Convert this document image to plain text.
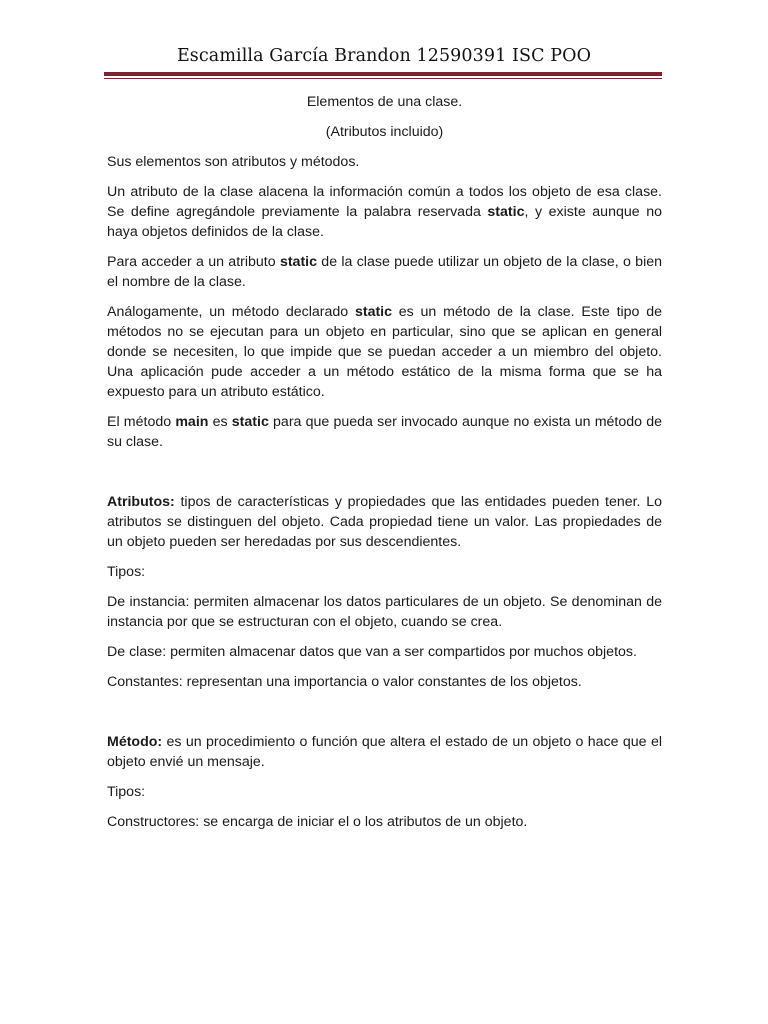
Escamilla García Brandon 12590391 ISC POO

Elementos de una clase.

(Atributos incluido)

Sus elementos son atributos y métodos.

Un atributo de la clase alacena la información común a todos los objeto de esa clase. Se define agregándole previamente la palabra reservada static, y existe aunque no haya objetos definidos de la clase.

Para acceder a un atributo static de la clase puede utilizar un objeto de la clase, o bien el nombre de la clase.

Análogamente, un método declarado static es un método de la clase. Este tipo de métodos no se ejecutan para un objeto en particular, sino que se aplican en general donde se necesiten, lo que impide que se puedan acceder a un miembro del objeto. Una aplicación pude acceder a un método estático de la misma forma que se ha expuesto para un atributo estático.

El método main es static para que pueda ser invocado aunque no exista un método de su clase.

Atributos: tipos de características y propiedades que las entidades pueden tener. Lo atributos se distinguen del objeto. Cada propiedad tiene un valor. Las propiedades de un objeto pueden ser heredadas por sus descendientes.

Tipos:

De instancia: permiten almacenar los datos particulares de un objeto. Se denominan de instancia por que se estructuran con el objeto, cuando se crea.

De clase: permiten almacenar datos que van a ser compartidos por muchos objetos.

Constantes: representan una importancia o valor constantes de los objetos.

Método: es un procedimiento o función que altera el estado de un objeto o hace que el objeto envié un mensaje.

Tipos:

Constructores: se encarga de iniciar el o los atributos de un objeto.
